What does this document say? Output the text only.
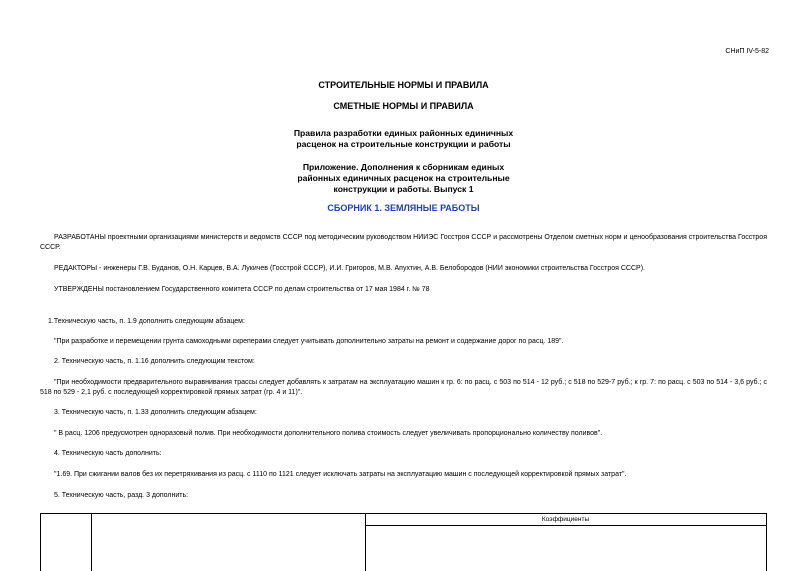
СНиП IV-5-82
СТРОИТЕЛЬНЫЕ НОРМЫ И ПРАВИЛА
СМЕТНЫЕ НОРМЫ И ПРАВИЛА
Правила разработки единых районных единичных
расценок на строительные конструкции и работы
Приложение. Дополнения к сборникам единых
районных единичных расценок на строительные
конструкции и работы. Выпуск 1
СБОРНИК 1. ЗЕМЛЯНЫЕ РАБОТЫ
РАЗРАБОТАНЫ проектными организациями министерств и ведомств СССР под методическим руководством НИИЭС Госстроя СССР и рассмотрены Отделом сметных норм и ценообразования строительства Госстроя СССР.
РЕДАКТОРЫ - инженеры Г.В. Буданов, О.Н. Карцев, В.А. Лукичев (Госстрой СССР), И.И. Григоров, М.В. Апухтин, А.В. Белобородов (НИИ экономики строительства Госстроя СССР).
УТВЕРЖДЕНЫ постановлением Государственного комитета СССР по делам строительства от 17 мая 1984 г. № 78
1.Техническую часть, п. 1.9 дополнить следующим абзацем:
"При разработке и перемещении грунта самоходными скреперами следует учитывать дополнительно затраты на ремонт и содержание дорог по расц. 189".
2. Техническую часть, п. 1.16 дополнить следующим текстом:
"При необходимости предварительного выравнивания трассы следует добавлять к затратам на эксплуатацию машин к гр. 6: по расц. с 503 по 514 - 12 руб.; с 518 по 529-7 руб.; к гр. 7: по расц. с 503 по 514 - 3,6 руб.; с 518 по 529 - 2,1 руб. с последующей корректировкой прямых затрат (гр. 4 и 11)".
3. Техническую часть, п. 1.33 дополнить следующим абзацем:
" В расц. 1206 предусмотрен одноразовый полив. При необходимости дополнительного полива стоимость следует увеличивать пропорционально количеству поливов".
4. Техническую часть дополнить:
"1.69. При сжигании валов без их перетряхивания из расц. с 1110 по 1121 следует исключать затраты на эксплуатацию машин с последующей корректировкой прямых затрат".
5. Техническую часть, разд. 3 дополнить:
Коэффициенты
